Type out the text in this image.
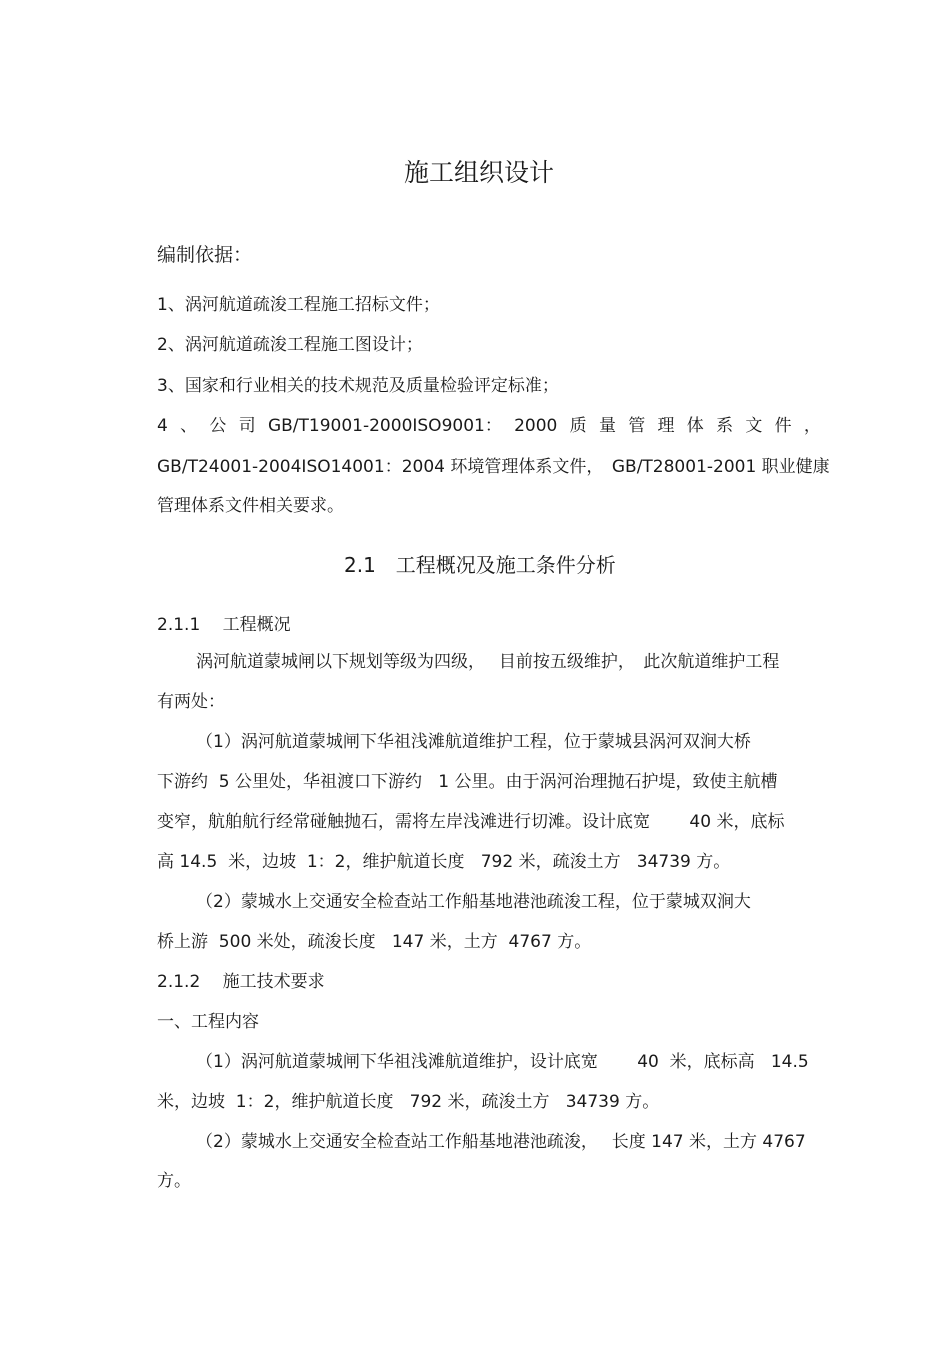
施工组织设计
编制依据：
1、涡河航道疏浚工程施工招标文件；
2、涡河航道疏浚工程施工图设计；
3、国家和行业相关的技术规范及质量检验评定标准；
4 、 公 司 GB/T19001-2000ISO9001： 2000 质 量 管 理 体 系 文 件 ，
GB/T24001-2004ISO14001：2004 环境管理体系文件，　GB/T28001-2001 职业健康
管理体系文件相关要求。
2.1　工程概况及施工条件分析
2.1.1　 工程概况
涡河航道蒙城闸以下规划等级为四级，　 目前按五级维护，　此次航道维护工程
有两处：
（1）涡河航道蒙城闸下华祖浅滩航道维护工程，位于蒙城县涡河双涧大桥
下游约  5 公里处，华祖渡口下游约   1 公里。由于涡河治理抛石护堤，致使主航槽
变窄，航舶航行经常碰触抛石，需将左岸浅滩进行切滩。设计底宽　　 40 米，底标
高 14.5  米，边坡  1：2，维护航道长度   792 米，疏浚土方   34739 方。
（2）蒙城水上交通安全检查站工作船基地港池疏浚工程，位于蒙城双涧大
桥上游  500 米处，疏浚长度   147 米，土方  4767 方。
2.1.2　 施工技术要求
一、工程内容
（1）涡河航道蒙城闸下华祖浅滩航道维护，设计底宽　　 40  米，底标高   14.5
米，边坡  1：2，维护航道长度   792 米，疏浚土方   34739 方。
（2）蒙城水上交通安全检查站工作船基地港池疏浚，　 长度 147 米，土方 4767
方。
